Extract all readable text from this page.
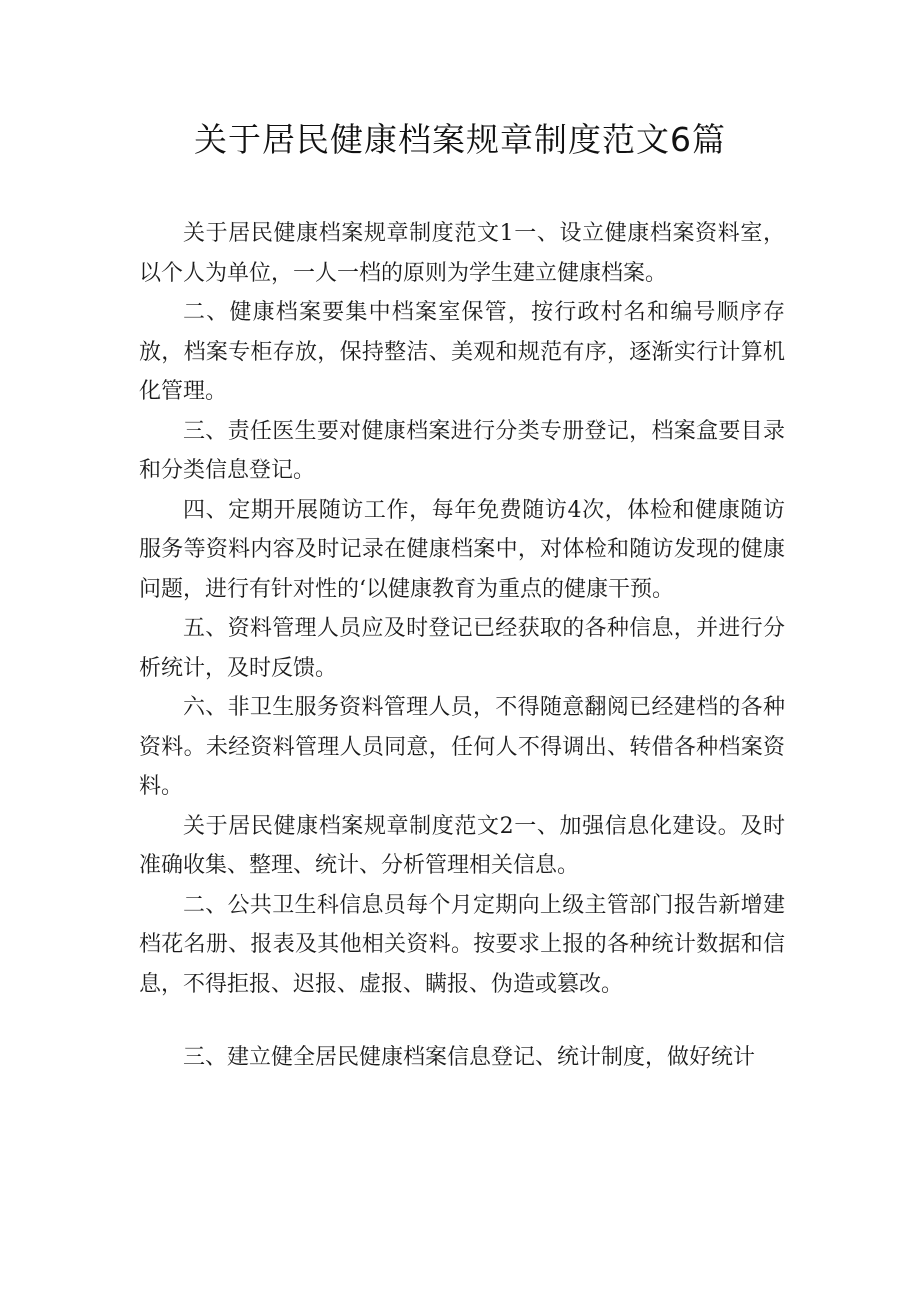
关于居民健康档案规章制度范文6篇

关于居民健康档案规章制度范文1一、设立健康档案资料室，以个人为单位，一人一档的原则为学生建立健康档案。

二、健康档案要集中档案室保管，按行政村名和编号顺序存放，档案专柜存放，保持整洁、美观和规范有序，逐渐实行计算机化管理。

三、责任医生要对健康档案进行分类专册登记，档案盒要目录和分类信息登记。

四、定期开展随访工作，每年免费随访4次，体检和健康随访服务等资料内容及时记录在健康档案中，对体检和随访发现的健康问题，进行有针对性的‘以健康教育为重点的健康干预。

五、资料管理人员应及时登记已经获取的各种信息，并进行分析统计，及时反馈。

六、非卫生服务资料管理人员，不得随意翻阅已经建档的各种资料。未经资料管理人员同意，任何人不得调出、转借各种档案资料。

关于居民健康档案规章制度范文2一、加强信息化建设。及时准确收集、整理、统计、分析管理相关信息。

二、公共卫生科信息员每个月定期向上级主管部门报告新增建档花名册、报表及其他相关资料。按要求上报的各种统计数据和信息，不得拒报、迟报、虚报、瞒报、伪造或篡改。

三、建立健全居民健康档案信息登记、统计制度，做好统计
